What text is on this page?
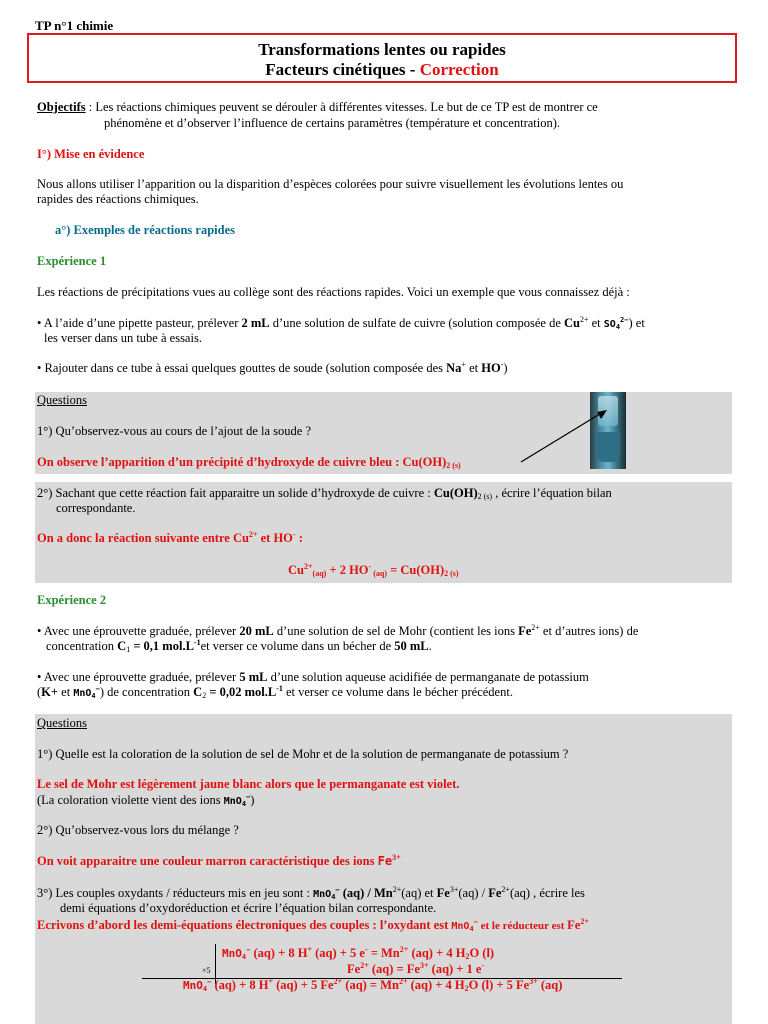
TP n°1 chimie
Transformations lentes ou rapides
Facteurs cinétiques - Correction
Objectifs : Les réactions chimiques peuvent se dérouler à différentes vitesses. Le but de ce TP est de montrer ce
phénomène et d’observer l’influence de certains paramètres (température et concentration).
I°) Mise en évidence
Nous allons utiliser l’apparition ou la disparition d’espèces colorées pour suivre visuellement les évolutions lentes ou
rapides des réactions chimiques.
a°) Exemples de réactions rapides
Expérience 1
Les réactions de précipitations vues au collège sont des réactions rapides. Voici un exemple que vous connaissez déjà :
• A l’aide d’une pipette pasteur, prélever 2 mL d’une solution de sulfate de cuivre (solution composée de $Cu^{2+}$ et $SO4^{2-}$) et
les verser dans un tube à essais.
• Rajouter dans ce tube à essai quelques gouttes de soude (solution composée des Na+ et HO-)
Questions
1°) Qu’observez-vous au cours de l’ajout de la soude ?
On observe l’apparition d’un précipité d’hydroxyde de cuivre bleu : Cu(OH)2 (s)
2°) Sachant que cette réaction fait apparaitre un solide d’hydroxyde de cuivre : Cu(OH)2 (s) , écrire l’équation bilan
correspondante.
On a donc la réaction suivante entre $Cu^{2+}$ et HO- :
$Cu^{2+}(aq) + 2$ HO- (aq) = Cu(OH)2 (s)
Expérience 2
• Avec une éprouvette graduée, prélever 20 mL d’une solution de sel de Mohr (contient les ions $Fe^{2+}$ et d’autres ions) de
concentration C1 = 0,1 $mol.L^{-1}et$ verser ce volume dans un bécher de 50 mL.
• Avec une éprouvette graduée, prélever 5 mL d’une solution aqueuse acidifiée de permanganate de potassium
(K+ et MnO4−) de concentration C2 = 0,02 $mol.L^{-1}$ et verser ce volume dans le bécher précédent.
Questions
1°) Quelle est la coloration de la solution de sel de Mohr et de la solution de permanganate de potassium ?
Le sel de Mohr est légèrement jaune blanc alors que le permanganate est violet.
(La coloration violette vient des ions MnO4−)
2°) Qu’observez-vous lors du mélange ?
On voit apparaitre une couleur marron caractéristique des ions $Fe^{3+}$
3°) Les couples oxydants / réducteurs mis en jeu sont : MnO4− $(aq) / Mn^{2+}(aq)$ et $Fe^{3+}(aq) / Fe^{2+}(aq)$ , écrire les
demi équations d’oxydoréduction et écrire l’équation bilan correspondante.
Ecrivons d’abord les demi-équations électroniques des couples : l’oxydant est MnO4− et le réducteur est $Fe^{2+}$
MnO4− (aq) + 8 H+ (aq) + 5 $e^- = Mn^{2+}$ (aq) + 4 H2O (l)
×5	$Fe^{2+}$ $(aq) = Fe^{3+}$ (aq) + 1 e-
MnO4− (aq) + 8 H+ (aq) + 5 $Fe^{2+}$ $(aq) = Mn^{2+}$ (aq) + 4 H2O (l) + 5 $Fe^{3+}$ (aq)
